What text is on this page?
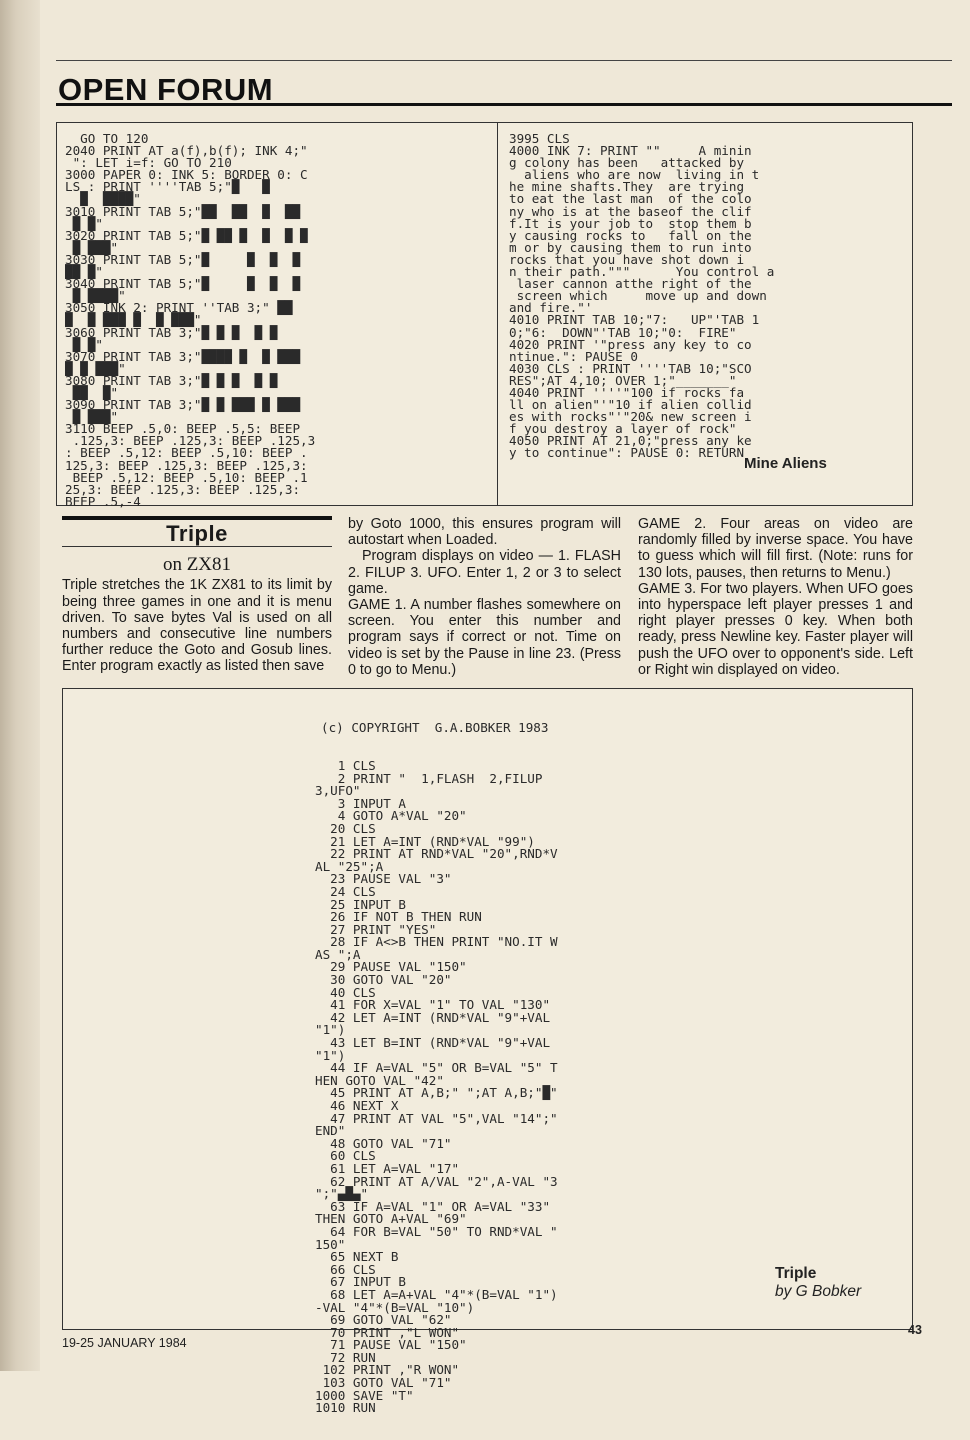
OPEN FORUM
GO TO 120
2040 PRINT AT a(f),b(f); INK 4;"
": LET i=f: GO TO 210
3000 PAPER 0: INK 5: BORDER 0: C
LS : PRINT ''''TAB 5;"█   █
█  ████"
3010 PRINT TAB 5;"██  ██  █  ██
█ █"
3020 PRINT TAB 5;"█ ██ █  █  █ █
█ ███"
3030 PRINT TAB 5;"█     █  █  █
██ █"
3040 PRINT TAB 5;"█     █  █  █
█ ████"
3050 INK 2: PRINT ''TAB 3;" ██
█  █ ███ █  █ ███"
3060 PRINT TAB 3;"█ █ █  █ █
█ █"
3070 PRINT TAB 3;"████ █  █ ███
█ █ ███"
3080 PRINT TAB 3;"█ █ █  █ █
██  █"
3090 PRINT TAB 3;"█ █ ███ █ ███
█ ███"
3110 BEEP .5,0: BEEP .5,5: BEEP
.125,3: BEEP .125,3: BEEP .125,3
: BEEP .5,12: BEEP .5,10: BEEP .
125,3: BEEP .125,3: BEEP .125,3:
BEEP .5,12: BEEP .5,10: BEEP .1
25,3: BEEP .125,3: BEEP .125,3:
BEEP .5,-4
3995 CLS
4000 INK 7: PRINT ""     A minin
g colony has been   attacked by
aliens who are now  living in t
he mine shafts.They  are trying
to eat the last man  of the colo
ny who is at the baseof the clif
f.It is your job to  stop them b
y causing rocks to   fall on the
m or by causing them to run into
rocks that you have shot down i
n their path."""      You control a
laser cannon atthe right of the
screen which     move up and down
and fire."'
4010 PRINT TAB 10;"7:   UP"'TAB 1
0;"6:  DOWN"'TAB 10;"0:  FIRE"
4020 PRINT '"press any key to co
ntinue.": PAUSE 0
4030 CLS : PRINT ''''TAB 10;"SCO
RES";AT 4,10; OVER 1;"_______"
4040 PRINT ''''"100 if rocks fa
ll on alien"'"10 if alien collid
es with rocks"'"20& new screen i
f you destroy a layer of rock"
4050 PRINT AT 21,0;"press any ke
y to continue": PAUSE 0: RETURN
Mine Aliens
Triple
on ZX81

Triple stretches the 1K ZX81 to its limit by being three games in one and it is menu driven. To save bytes Val is used on all numbers and consecutive line numbers further reduce the Goto and Gosub lines. Enter program exactly as listed then save

by Goto 1000, this ensures program will autostart when Loaded.

Program displays on video — 1. FLASH 2. FILUP 3. UFO. Enter 1, 2 or 3 to select game.

GAME 1. A number flashes somewhere on screen. You enter this number and program says if correct or not. Time on video is set by the Pause in line 23. (Press 0 to go to Menu.)

GAME 2. Four areas on video are randomly filled by inverse space. You have to guess which will fill first. (Note: runs for 130 lots, pauses, then returns to Menu.)

GAME 3. For two players. When UFO goes into hyperspace left player presses 1 and right player presses 0 key. When both ready, press Newline key. Faster player will push the UFO over to opponent's side. Left or Right win displayed on video.

(c) COPYRIGHT  G.A.BOBKER 1983

1 CLS
2 PRINT "  1,FLASH  2,FILUP
3,UFO"
3 INPUT A
4 GOTO A*VAL "20"
20 CLS
21 LET A=INT (RND*VAL "99")
22 PRINT AT RND*VAL "20",RND*V
AL "25";A
23 PAUSE VAL "3"
24 CLS
25 INPUT B
26 IF NOT B THEN RUN
27 PRINT "YES"
28 IF A<>B THEN PRINT "NO.IT W
AS ";A
29 PAUSE VAL "150"
30 GOTO VAL "20"
40 CLS
41 FOR X=VAL "1" TO VAL "130"
42 LET A=INT (RND*VAL "9"+VAL
"1")
43 LET B=INT (RND*VAL "9"+VAL
"1")
44 IF A=VAL "5" OR B=VAL "5" T
HEN GOTO VAL "42"
45 PRINT AT A,B;" ";AT A,B;"█"
46 NEXT X
47 PRINT AT VAL "5",VAL "14";"
END"
48 GOTO VAL "71"
60 CLS
61 LET A=VAL "17"
62 PRINT AT A/VAL "2",A-VAL "3
";"▄█▄"
63 IF A=VAL "1" OR A=VAL "33"
THEN GOTO A+VAL "69"
64 FOR B=VAL "50" TO RND*VAL "
150"
65 NEXT B
66 CLS
67 INPUT B
68 LET A=A+VAL "4"*(B=VAL "1")
-VAL "4"*(B=VAL "10")
69 GOTO VAL "62"
70 PRINT ,"L WON"
71 PAUSE VAL "150"
72 RUN
102 PRINT ,"R WON"
103 GOTO VAL "71"
1000 SAVE "T"
1010 RUN

Triple
by G Bobker
19-25 JANUARY 1984
43
